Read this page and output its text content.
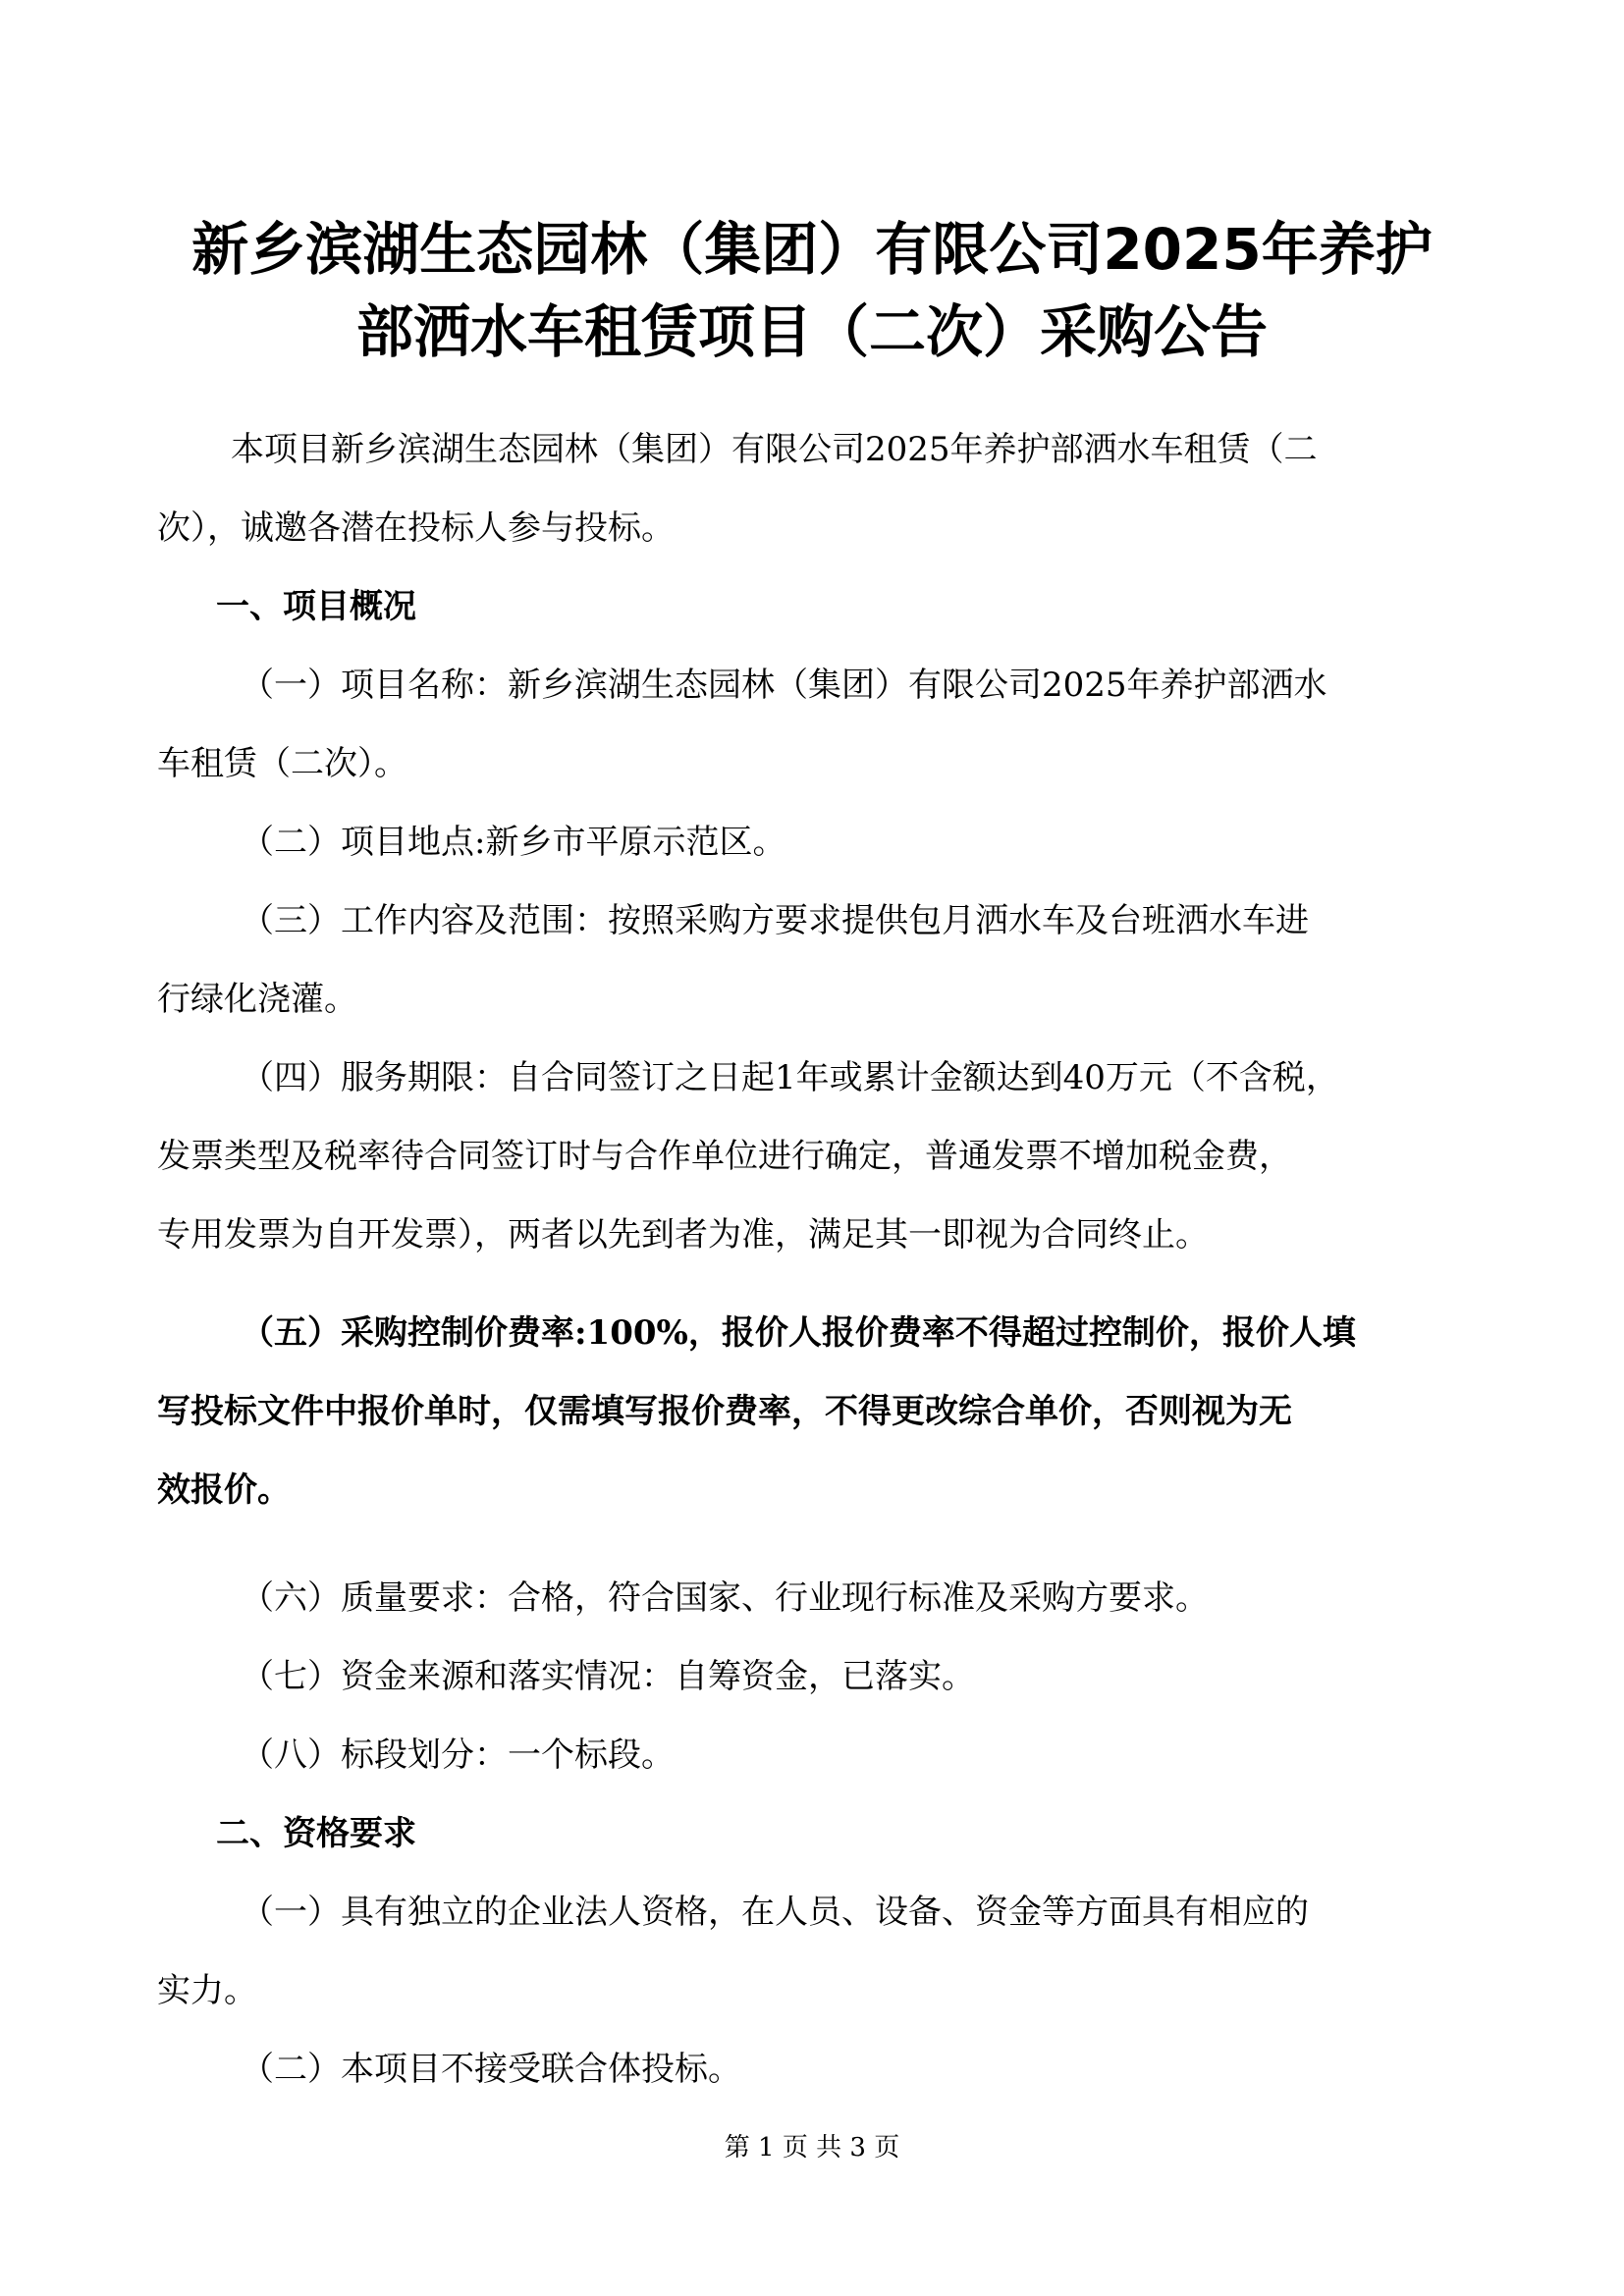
新乡滨湖生态园林（集团）有限公司2025年养护
部洒水车租赁项目（二次）采购公告
本项目新乡滨湖生态园林（集团）有限公司2025年养护部洒水车租赁（二
次），诚邀各潜在投标人参与投标。
一、项目概况
（一）项目名称：新乡滨湖生态园林（集团）有限公司2025年养护部洒水
车租赁（二次）。
（二）项目地点:新乡市平原示范区。
（三）工作内容及范围：按照采购方要求提供包月洒水车及台班洒水车进
行绿化浇灌。
（四）服务期限：自合同签订之日起1年或累计金额达到40万元（不含税，
发票类型及税率待合同签订时与合作单位进行确定，普通发票不增加税金费，
专用发票为自开发票），两者以先到者为准，满足其一即视为合同终止。
（五）采购控制价费率:100%，报价人报价费率不得超过控制价，报价人填
写投标文件中报价单时，仅需填写报价费率，不得更改综合单价，否则视为无
效报价。
（六）质量要求：合格，符合国家、行业现行标准及采购方要求。
（七）资金来源和落实情况：自筹资金，已落实。
（八）标段划分：一个标段。
二、资格要求
（一）具有独立的企业法人资格，在人员、设备、资金等方面具有相应的
实力。
（二）本项目不接受联合体投标。
第 1 页 共 3 页
